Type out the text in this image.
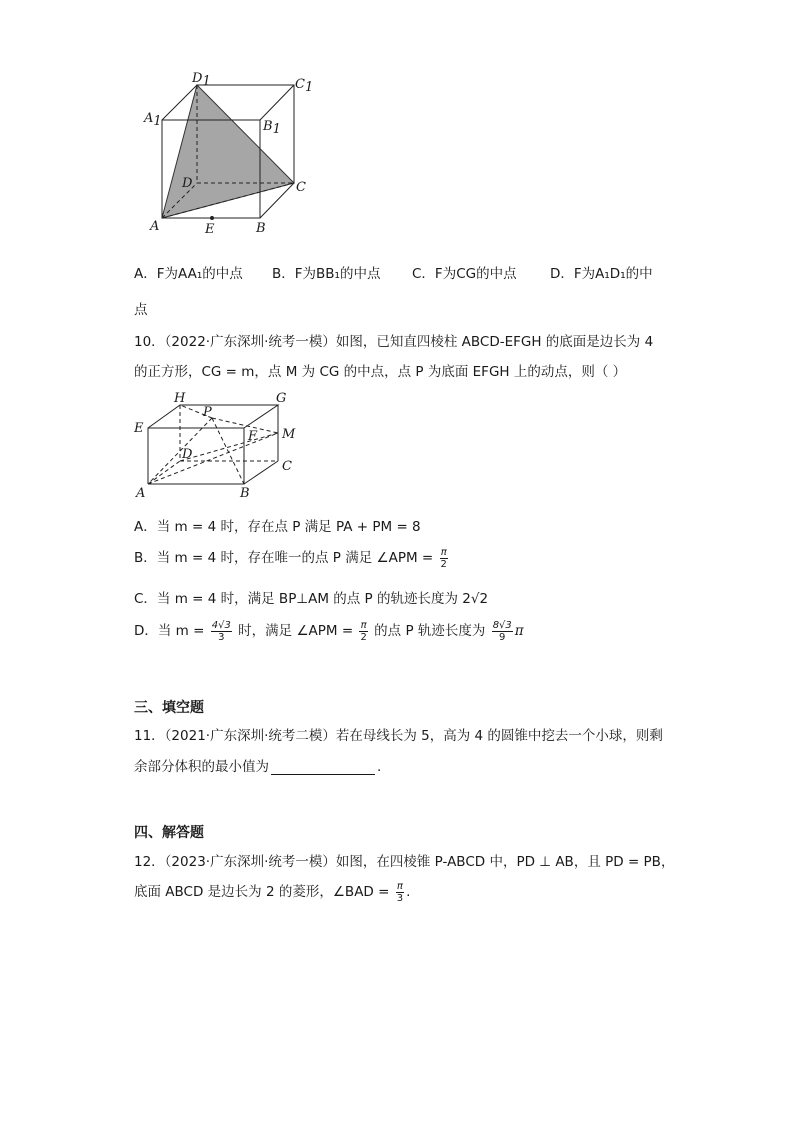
D1	C1
A1	B1
D	C
A	E	B
A．F为AA₁的中点 B．F为BB₁的中点 C．F为CG的中点 D．F为A₁D₁的中
点
10．（2022·广东深圳·统考一模）如图，已知直四棱柱 ABCD-EFGH 的底面是边长为 4
的正方形，CG = m，点 M 为 CG 的中点，点 P 为底面 EFGH 上的动点，则（ ）
H
P
G
E
F M
D
C
A	B
A．当 m = 4 时，存在点 P 满足 PA + PM = 8
B．当 m = 4 时，存在唯一的点 P 满足 ∠APM = $\frac{\pi}{2}$
C．当 m = 4 时，满足 BP⊥AM 的点 P 的轨迹长度为 2√2
D．当 $m = \frac{4√3}{3}$ 时，满足 ∠APM = $\frac{\pi}{2}$ 的点 P 轨迹长度为 $\frac{8√3}{9}$ π
三、填空题
11．（2021·广东深圳·统考二模）若在母线长为 5，高为 4 的圆锥中挖去一个小球，则剩
余部分体积的最小值为	.
四、解答题
12．（2023·广东深圳·统考一模）如图，在四棱锥 P-ABCD 中，PD ⊥ AB，且 PD = PB，
底面 ABCD 是边长为 2 的菱形，∠BAD = $\frac{\pi}{3}$ .
